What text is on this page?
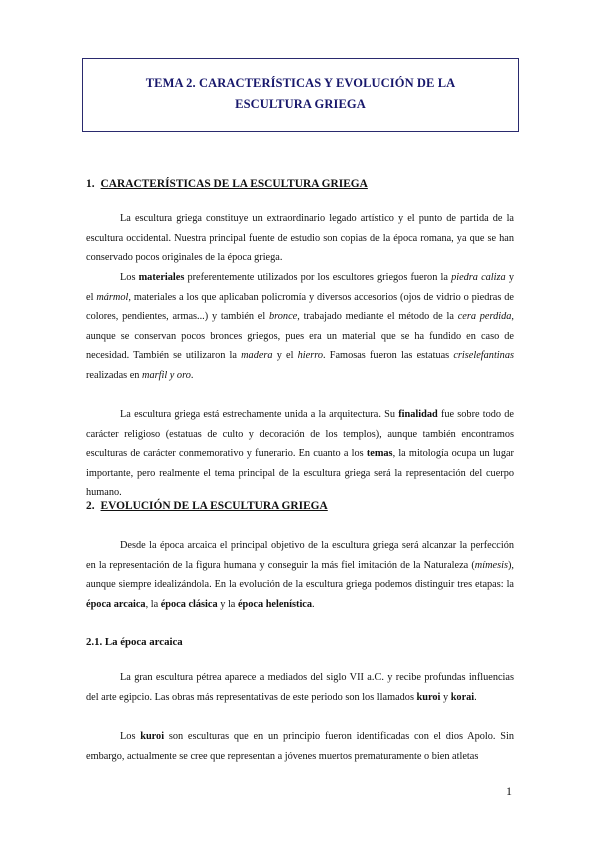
TEMA 2. CARACTERÍSTICAS Y EVOLUCIÓN DE LA
ESCULTURA GRIEGA
1. CARACTERÍSTICAS DE LA ESCULTURA GRIEGA
La escultura griega constituye un extraordinario legado artístico y el punto de partida de la escultura occidental. Nuestra principal fuente de estudio son copias de la época romana, ya que se han conservado pocos originales de la época griega.
Los materiales preferentemente utilizados por los escultores griegos fueron la piedra caliza y el mármol, materiales a los que aplicaban policromía y diversos accesorios (ojos de vidrio o piedras de colores, pendientes, armas...) y también el bronce, trabajado mediante el método de la cera perdida, aunque se conservan pocos bronces griegos, pues era un material que se ha fundido en caso de necesidad. También se utilizaron la madera y el hierro. Famosas fueron las estatuas criselefantinas realizadas en marfil y oro.
La escultura griega está estrechamente unida a la arquitectura. Su finalidad fue sobre todo de carácter religioso (estatuas de culto y decoración de los templos), aunque también encontramos esculturas de carácter conmemorativo y funerario. En cuanto a los temas, la mitología ocupa un lugar importante, pero realmente el tema principal de la escultura griega será la representación del cuerpo humano.
2. EVOLUCIÓN DE LA ESCULTURA GRIEGA
Desde la época arcaica el principal objetivo de la escultura griega será alcanzar la perfección en la representación de la figura humana y conseguir la más fiel imitación de la Naturaleza (mímesis), aunque siempre idealizándola. En la evolución de la escultura griega podemos distinguir tres etapas: la época arcaica, la época clásica y la época helenística.
2.1. La época arcaica
La gran escultura pétrea aparece a mediados del siglo VII a.C. y recibe profundas influencias del arte egipcio. Las obras más representativas de este periodo son los llamados kuroi y korai.
Los kuroi son esculturas que en un principio fueron identificadas con el dios Apolo. Sin embargo, actualmente se cree que representan a jóvenes muertos prematuramente o bien atletas
1
